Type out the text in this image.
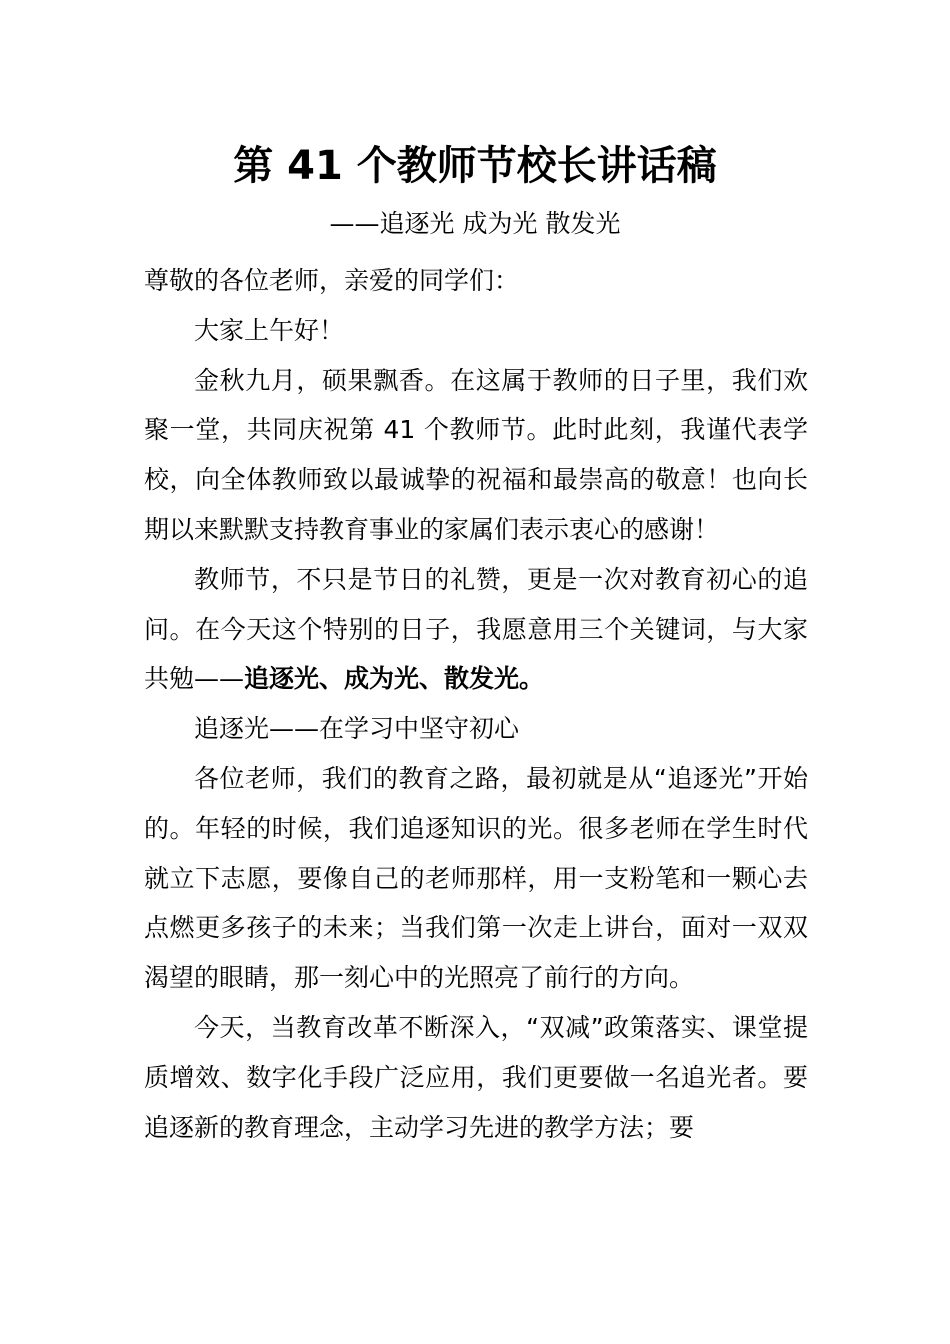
第 41 个教师节校长讲话稿

——追逐光 成为光 散发光

尊敬的各位老师，亲爱的同学们：

大家上午好！

金秋九月，硕果飘香。在这属于教师的日子里，我们欢聚一堂，共同庆祝第 41 个教师节。此时此刻，我谨代表学校，向全体教师致以最诚挚的祝福和最崇高的敬意！也向长期以来默默支持教育事业的家属们表示衷心的感谢！

教师节，不只是节日的礼赞，更是一次对教育初心的追问。在今天这个特别的日子，我愿意用三个关键词，与大家共勉——追逐光、成为光、散发光。

追逐光——在学习中坚守初心

各位老师，我们的教育之路，最初就是从“追逐光”开始的。年轻的时候，我们追逐知识的光。很多老师在学生时代就立下志愿，要像自己的老师那样，用一支粉笔和一颗心去点燃更多孩子的未来；当我们第一次走上讲台，面对一双双渴望的眼睛，那一刻心中的光照亮了前行的方向。

今天，当教育改革不断深入，“双减”政策落实、课堂提质增效、数字化手段广泛应用，我们更要做一名追光者。要追逐新的教育理念，主动学习先进的教学方法；要
